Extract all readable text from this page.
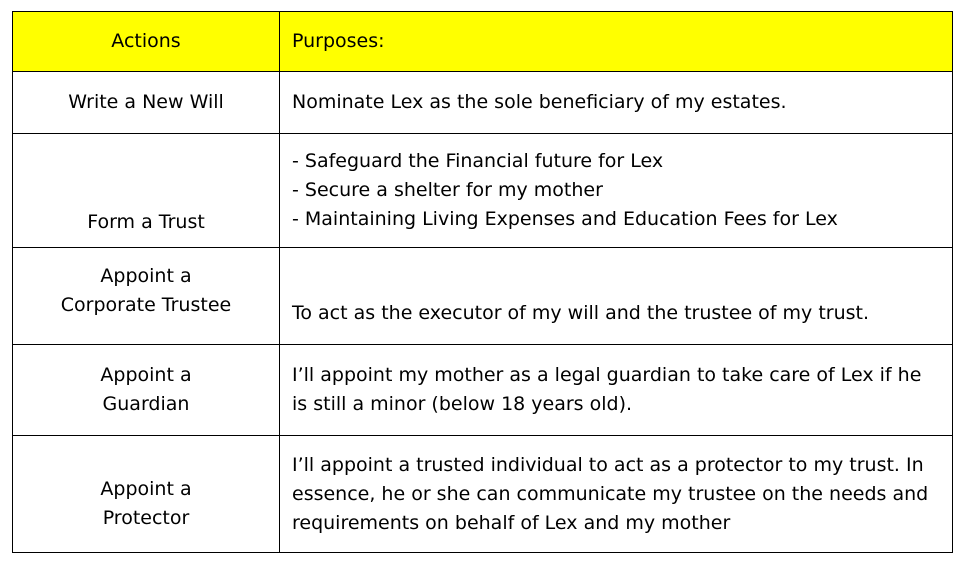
Actions	Purposes:

Write a New Will	Nominate Lex as the sole beneficiary of my estates.

Form a Trust	- Safeguard the Financial future for Lex
- Secure a shelter for my mother
- Maintaining Living Expenses and Education Fees for Lex

Appoint a
Corporate Trustee	To act as the executor of my will and the trustee of my trust.

Appoint a
Guardian	I’ll appoint my mother as a legal guardian to take care of Lex if he
is still a minor (below 18 years old).

Appoint a
Protector	I’ll appoint a trusted individual to act as a protector to my trust. In
essence, he or she can communicate my trustee on the needs and
requirements on behalf of Lex and my mother
